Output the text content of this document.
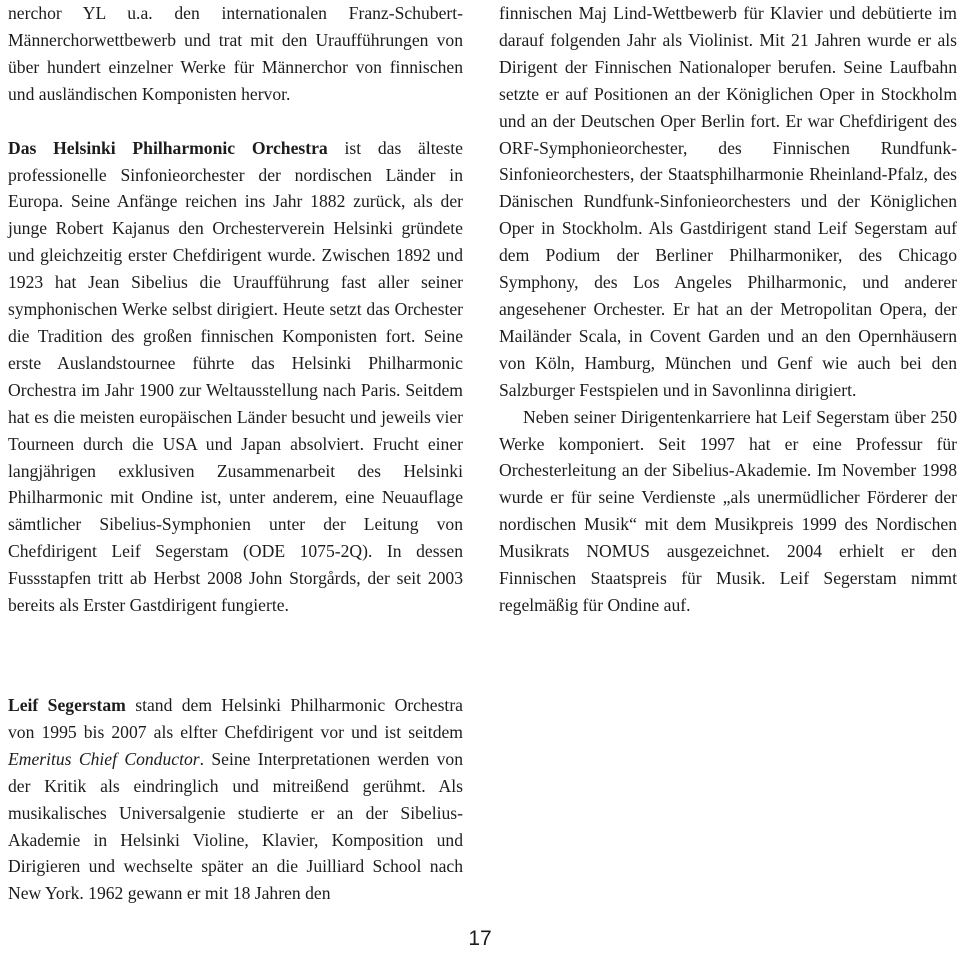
nerchor YL u.a. den internationalen Franz-Schubert-Männerchorwettbewerb und trat mit den Uraufführungen von über hundert einzelner Werke für Männerchor von finnischen und ausländischen Komponisten hervor.

Das Helsinki Philharmonic Orchestra ist das älteste professionelle Sinfonieorchester der nordischen Länder in Europa. Seine Anfänge reichen ins Jahr 1882 zurück, als der junge Robert Kajanus den Orchesterverein Helsinki gründete und gleichzeitig erster Chefdirigent wurde. Zwischen 1892 und 1923 hat Jean Sibelius die Uraufführung fast aller seiner symphonischen Werke selbst dirigiert. Heute setzt das Orchester die Tradition des großen finnischen Komponisten fort. Seine erste Auslandstournee führte das Helsinki Philharmonic Orchestra im Jahr 1900 zur Weltausstellung nach Paris. Seitdem hat es die meisten europäischen Länder besucht und jeweils vier Tourneen durch die USA und Japan absolviert. Frucht einer langjährigen exklusiven Zusammenarbeit des Helsinki Philharmonic mit Ondine ist, unter anderem, eine Neuauflage sämtlicher Sibelius-Symphonien unter der Leitung von Chefdirigent Leif Segerstam (ODE 1075-2Q). In dessen Fussstapfen tritt ab Herbst 2008 John Storgårds, der seit 2003 bereits als Erster Gastdirigent fungierte.

Leif Segerstam stand dem Helsinki Philharmonic Orchestra von 1995 bis 2007 als elfter Chefdirigent vor und ist seitdem Emeritus Chief Conductor. Seine Interpretationen werden von der Kritik als eindringlich und mitreißend gerühmt. Als musikalisches Universalgenie studierte er an der Sibelius-Akademie in Helsinki Violine, Klavier, Komposition und Dirigieren und wechselte später an die Juilliard School nach New York. 1962 gewann er mit 18 Jahren den

finnischen Maj Lind-Wettbewerb für Klavier und debütierte im darauf folgenden Jahr als Violinist. Mit 21 Jahren wurde er als Dirigent der Finnischen Nationaloper berufen. Seine Laufbahn setzte er auf Positionen an der Königlichen Oper in Stockholm und an der Deutschen Oper Berlin fort. Er war Chefdirigent des ORF-Symphonieorchester, des Finnischen Rundfunk-Sinfonieorchesters, der Staatsphilharmonie Rheinland-Pfalz, des Dänischen Rundfunk-Sinfonieorchesters und der Königlichen Oper in Stockholm. Als Gastdirigent stand Leif Segerstam auf dem Podium der Berliner Philharmoniker, des Chicago Symphony, des Los Angeles Philharmonic, und anderer angesehener Orchester. Er hat an der Metropolitan Opera, der Mailänder Scala, in Covent Garden und an den Opernhäusern von Köln, Hamburg, München und Genf wie auch bei den Salzburger Festspielen und in Savonlinna dirigiert.

Neben seiner Dirigentenkarriere hat Leif Segerstam über 250 Werke komponiert. Seit 1997 hat er eine Professur für Orchesterleitung an der Sibelius-Akademie. Im November 1998 wurde er für seine Verdienste „als unermüdlicher Förderer der nordischen Musik“ mit dem Musikpreis 1999 des Nordischen Musikrats NOMUS ausgezeichnet. 2004 erhielt er den Finnischen Staatspreis für Musik. Leif Segerstam nimmt regelmäßig für Ondine auf.

17
